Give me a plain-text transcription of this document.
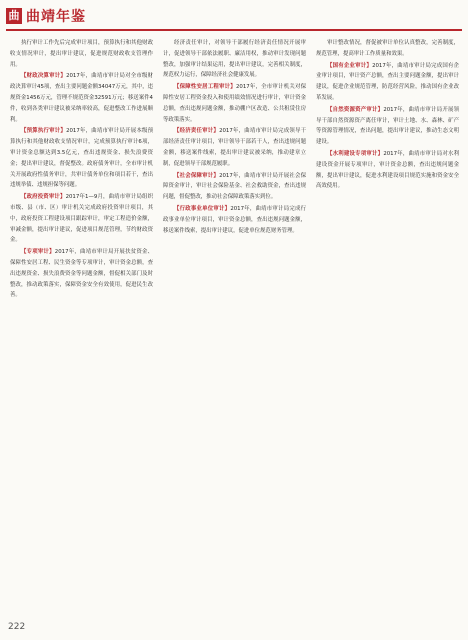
曲 曲靖年鉴

执行审计工作先后完成审计项目，预算执行和其他财政收支情况审计，提出审计建议，促进规范财政收支管理作用。

【财政决算审计】2017年，曲靖市审计局对全市级财政决算审计45项，查出主要问题金额34047万元，其中，违规资金1456万元，管理不规范资金32591万元；移送案件4件，收到各类审计建议被采纳率较高，促进整改工作进展顺利。

【预算执行审计】2017年，曲靖市审计局开展本级预算执行和其他财政收支情况审计，完成预算执行审计6项，审计资金总额达到3.5亿元，查出违规资金、损失浪费资金；提出审计建议，督促整改。政府债务审计，全市审计机关开展政府性债务审计，共审计债务单位和项目若干，查出违规举债、违规担保等问题。

【政府投资审计】2017年1—9月，曲靖市审计局组织市级、县（市、区）审计机关完成政府投资审计项目，其中，政府投资工程建设项目跟踪审计，审定工程造价金额，审减金额，提出审计建议，促进项目规范管理，节约财政资金。

【专项审计】2017年，曲靖市审计局开展扶贫资金、保障性安居工程、民生资金等专项审计，审计资金总额，查出违规资金、损失浪费资金等问题金额，督促相关部门及时整改，推动政策落实，保障资金安全有效使用，促进民生改善。

经济责任审计，对领导干部履行经济责任情况开展审计，促进领导干部依法履职、廉洁用权，推动审计发现问题整改，加强审计结果运用，提出审计建议，完善相关制度，规范权力运行，保障经济社会健康发展。

【保障性安居工程审计】2017年，全市审计机关对保障性安居工程资金投入和使用绩效情况进行审计，审计资金总额，查出违规问题金额，推动棚户区改造、公共租赁住房等政策落实。

【经济责任审计】2017年，曲靖市审计局完成领导干部经济责任审计项目，审计领导干部若干人，查出违规问题金额，移送案件线索，提出审计建议被采纳，推动建章立制，促进领导干部规范履职。

【社会保障审计】2017年，曲靖市审计局开展社会保障资金审计，审计社会保险基金、社会救助资金，查出违规问题，督促整改，推动社会保障政策落实到位。

【行政事业单位审计】2017年，曲靖市审计局完成行政事业单位审计项目，审计资金总额，查出违规问题金额，移送案件线索，提出审计建议，促进单位规范财务管理。

审计整改情况，督促被审计单位认真整改，完善制度，规范管理，提高审计工作质量和效果。

【国有企业审计】2017年，曲靖市审计局完成国有企业审计项目，审计资产总额，查出主要问题金额，提出审计建议，促进企业规范管理，防范经营风险，推动国有企业改革发展。

【自然资源资产审计】2017年，曲靖市审计局开展领导干部自然资源资产离任审计，审计土地、水、森林、矿产等资源管理情况，查出问题，提出审计建议，推动生态文明建设。

【水利建设专项审计】2017年，曲靖市审计局对水利建设资金开展专项审计，审计资金总额，查出违规问题金额，提出审计建议，促进水利建设项目规范实施和资金安全高效使用。

222
